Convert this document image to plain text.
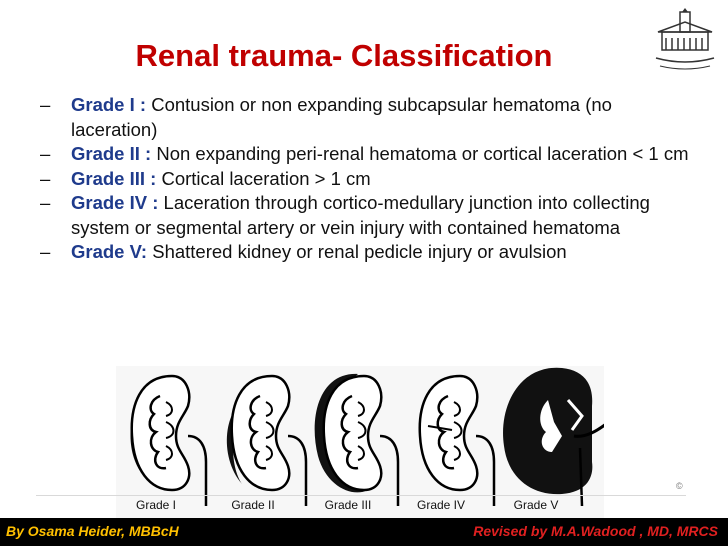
Renal trauma- Classification
– Grade I : Contusion or non expanding subcapsular hematoma (no laceration)
– Grade II : Non expanding peri-renal hematoma or cortical laceration < 1 cm
– Grade III : Cortical laceration > 1 cm
– Grade IV : Laceration through cortico-medullary junction into collecting system or segmental artery or vein injury with contained hematoma
– Grade V: Shattered kidney or renal pedicle injury or avulsion
Grade I	Grade II	Grade III	Grade IV	Grade V
©
By Osama Heider, MBBcH	Revised by M.A.Wadood , MD, MRCS
